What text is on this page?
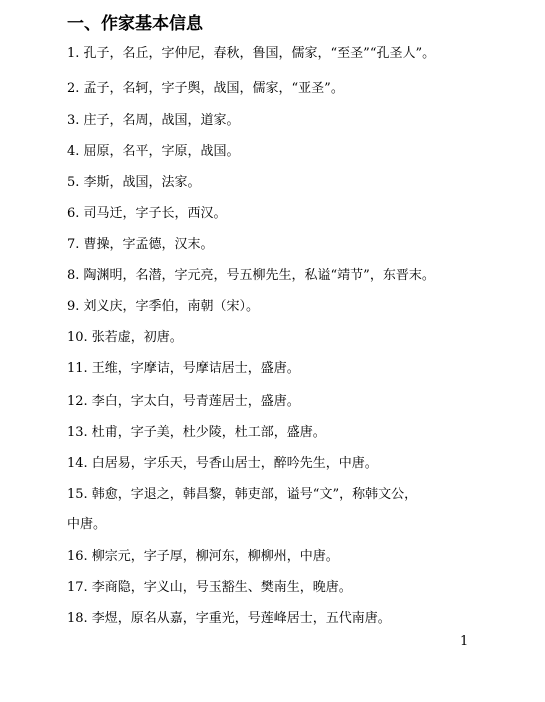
一、作家基本信息
1. 孔子，名丘，字仲尼，春秋，鲁国，儒家，“至圣”“孔圣人”。
2. 孟子，名轲，字子舆，战国，儒家，“亚圣”。
3. 庄子，名周，战国，道家。
4. 屈原，名平，字原，战国。
5. 李斯，战国，法家。
6. 司马迁，字子长，西汉。
7. 曹操，字孟德，汉末。
8. 陶渊明，名潜，字元亮，号五柳先生，私谥“靖节”，东晋末。
9. 刘义庆，字季伯，南朝（宋）。
10. 张若虚，初唐。
11. 王维，字摩诘，号摩诘居士，盛唐。
12. 李白，字太白，号青莲居士，盛唐。
13. 杜甫，字子美，杜少陵，杜工部，盛唐。
14. 白居易，字乐天，号香山居士，醉吟先生，中唐。
15. 韩愈，字退之，韩昌黎，韩吏部，谥号“文”，称韩文公，
中唐。
16. 柳宗元，字子厚，柳河东，柳柳州，中唐。
17. 李商隐，字义山，号玉豁生、樊南生，晚唐。
18. 李煜，原名从嘉，字重光，号莲峰居士，五代南唐。
1
